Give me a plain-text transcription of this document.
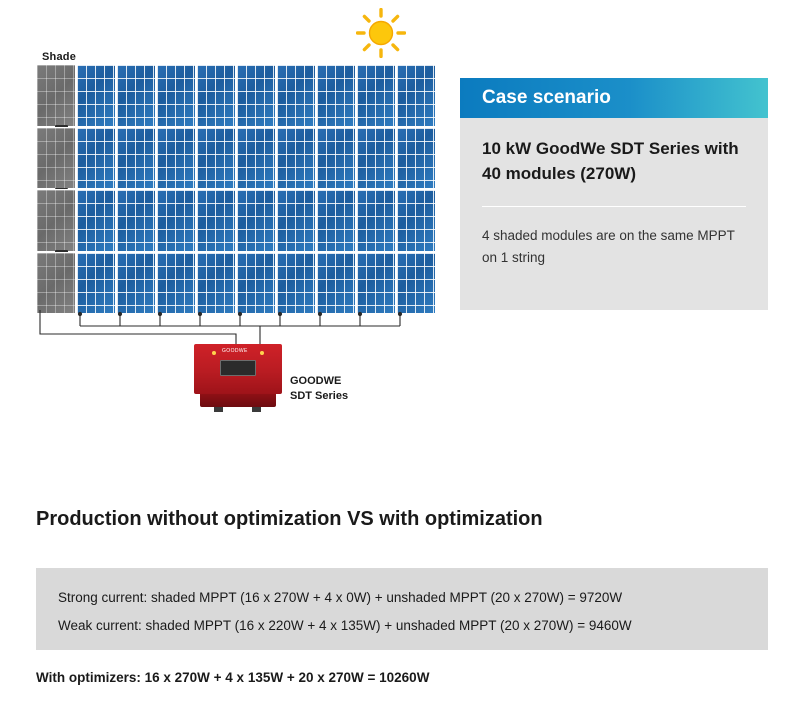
Shade
GOODWE
GOODWE
SDT Series
Case scenario
10 kW GoodWe SDT Series with 40 modules (270W)
4 shaded modules are on the same MPPT on 1 string
Production without optimization VS with optimization
Strong current: shaded MPPT (16 x 270W + 4 x 0W) + unshaded MPPT (20 x 270W) = 9720W
Weak current: shaded MPPT (16 x 220W + 4 x 135W) + unshaded MPPT (20 x 270W) = 9460W
With optimizers: 16 x 270W + 4 x 135W + 20 x 270W = 10260W
